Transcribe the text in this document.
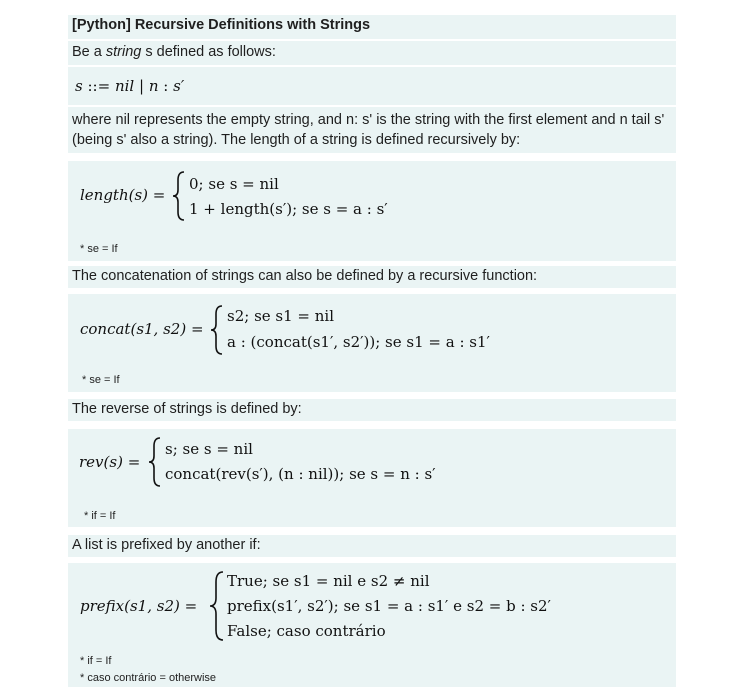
[Python] Recursive Definitions with Strings
Be a string s defined as follows:
s ::= nil | n : s′
where nil represents the empty string, and n: s' is the string with the first element and n tail s'
(being s' also a string). The length of a string is defined recursively by:
length(s) =
0; se s = nil
1 + length(s′); se s = a : s′
* se = If
The concatenation of strings can also be defined by a recursive function:
concat(s1, s2) =
s2; se s1 = nil
a : (concat(s1′, s2′)); se s1 = a : s1′
* se = If
The reverse of strings is defined by:
rev(s) =
s; se s = nil
concat(rev(s′), (n : nil)); se s = n : s′
* if = If
A list is prefixed by another if:
prefix(s1, s2) =
True; se s1 = nil e s2 ≠ nil
prefix(s1′, s2′); se s1 = a : s1′ e s2 = b : s2′
False; caso contrário
* if = If
* caso contrário = otherwise
